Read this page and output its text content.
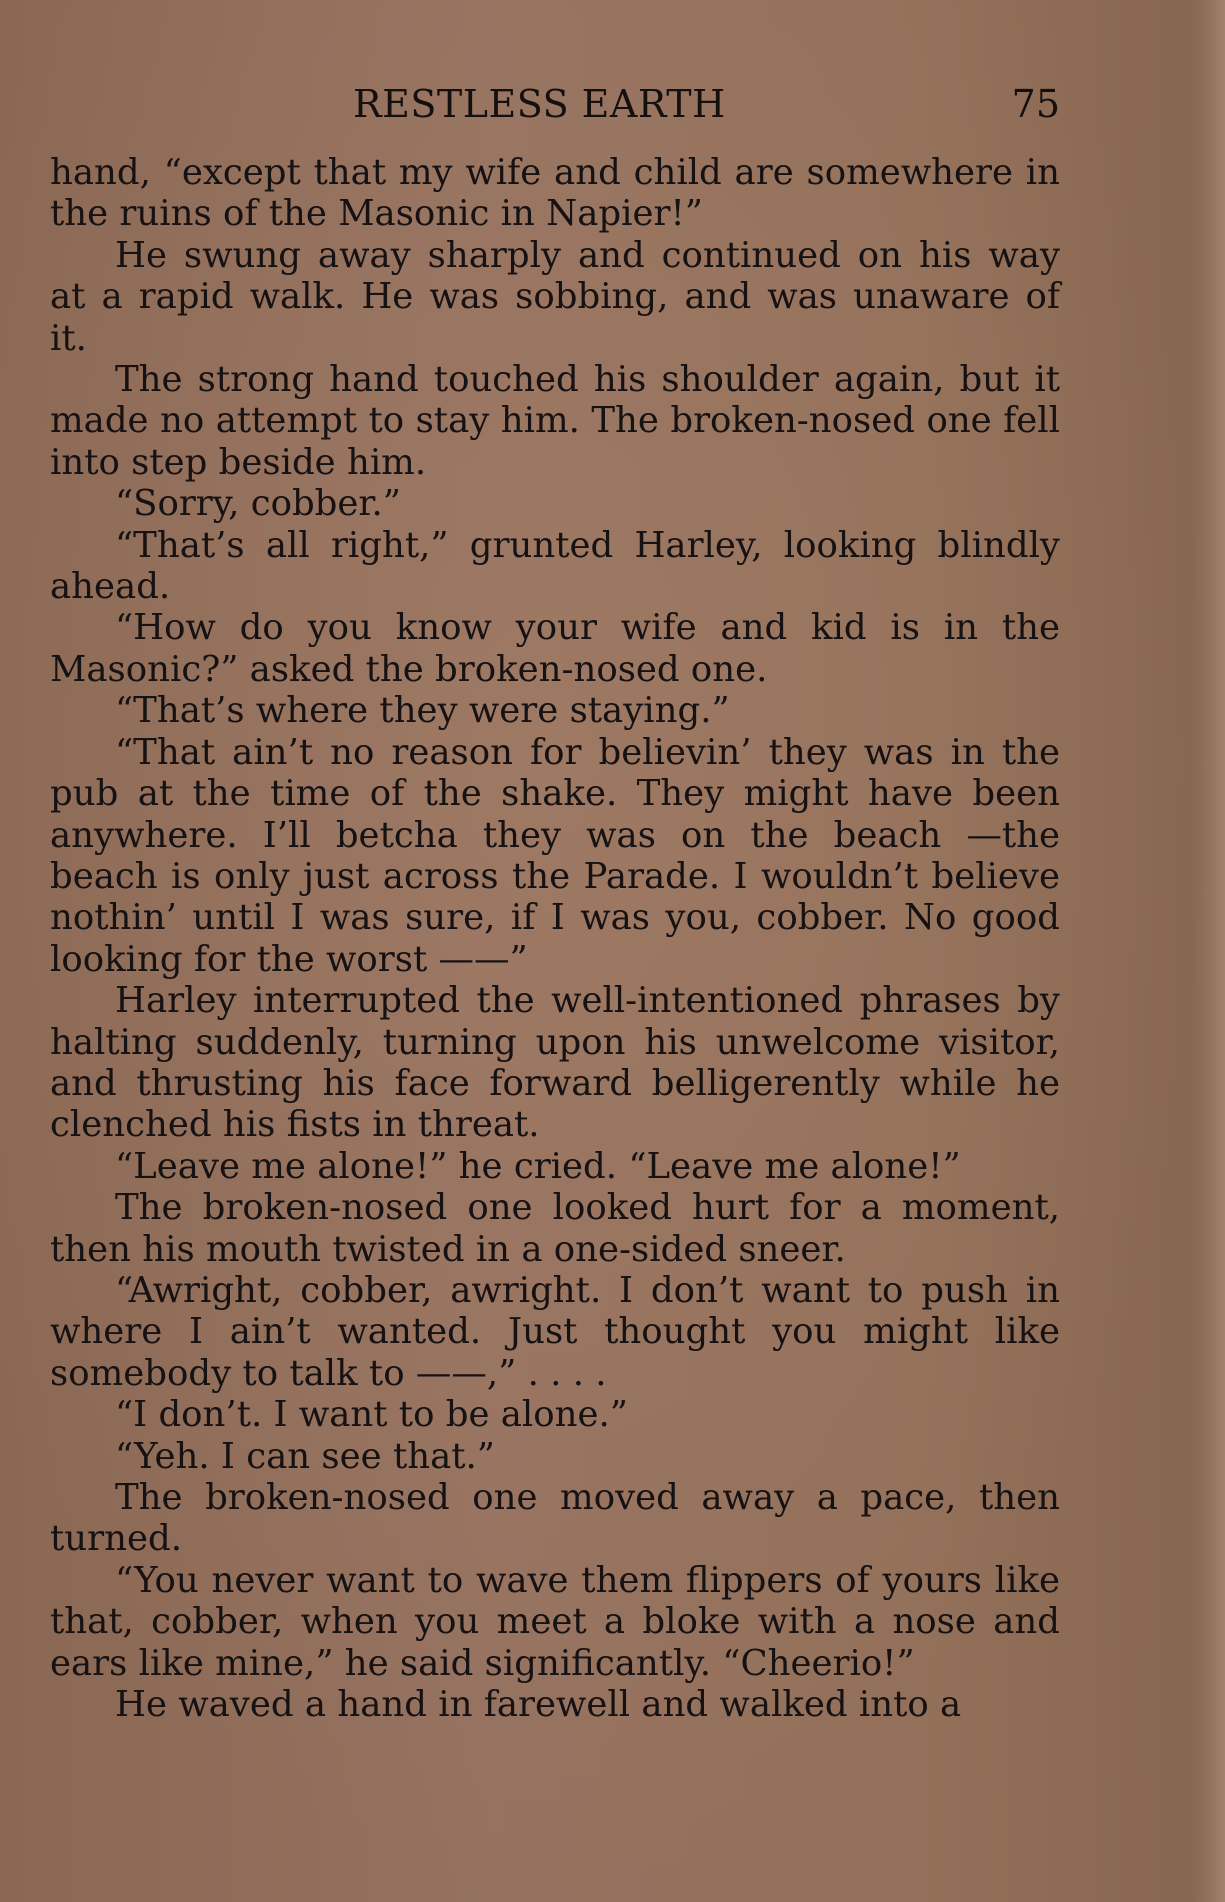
RESTLESS EARTH	75

hand, “except that my wife and child are somewhere in the ruins of the Masonic in Napier!”

He swung away sharply and continued on his way at a rapid walk. He was sobbing, and was unaware of it.

The strong hand touched his shoulder again, but it made no attempt to stay him. The broken-nosed one fell into step beside him.

“Sorry, cobber.”

“That’s all right,” grunted Harley, looking blindly ahead.

“How do you know your wife and kid is in the Masonic?” asked the broken-nosed one.

“That’s where they were staying.”

“That ain’t no reason for believin’ they was in the pub at the time of the shake. They might have been anywhere. I’ll betcha they was on the beach —the beach is only just across the Parade. I wouldn’t believe nothin’ until I was sure, if I was you, cobber. No good looking for the worst ——”

Harley interrupted the well-intentioned phrases by halting suddenly, turning upon his unwelcome visitor, and thrusting his face forward belligerently while he clenched his fists in threat.

“Leave me alone!” he cried. “Leave me alone!”

The broken-nosed one looked hurt for a moment, then his mouth twisted in a one-sided sneer.

“Awright, cobber, awright. I don’t want to push in where I ain’t wanted. Just thought you might like somebody to talk to ——,” . . . .

“I don’t. I want to be alone.”

“Yeh. I can see that.”

The broken-nosed one moved away a pace, then turned.

“You never want to wave them flippers of yours like that, cobber, when you meet a bloke with a nose and ears like mine,” he said significantly. “Cheerio!”

He waved a hand in farewell and walked into a
